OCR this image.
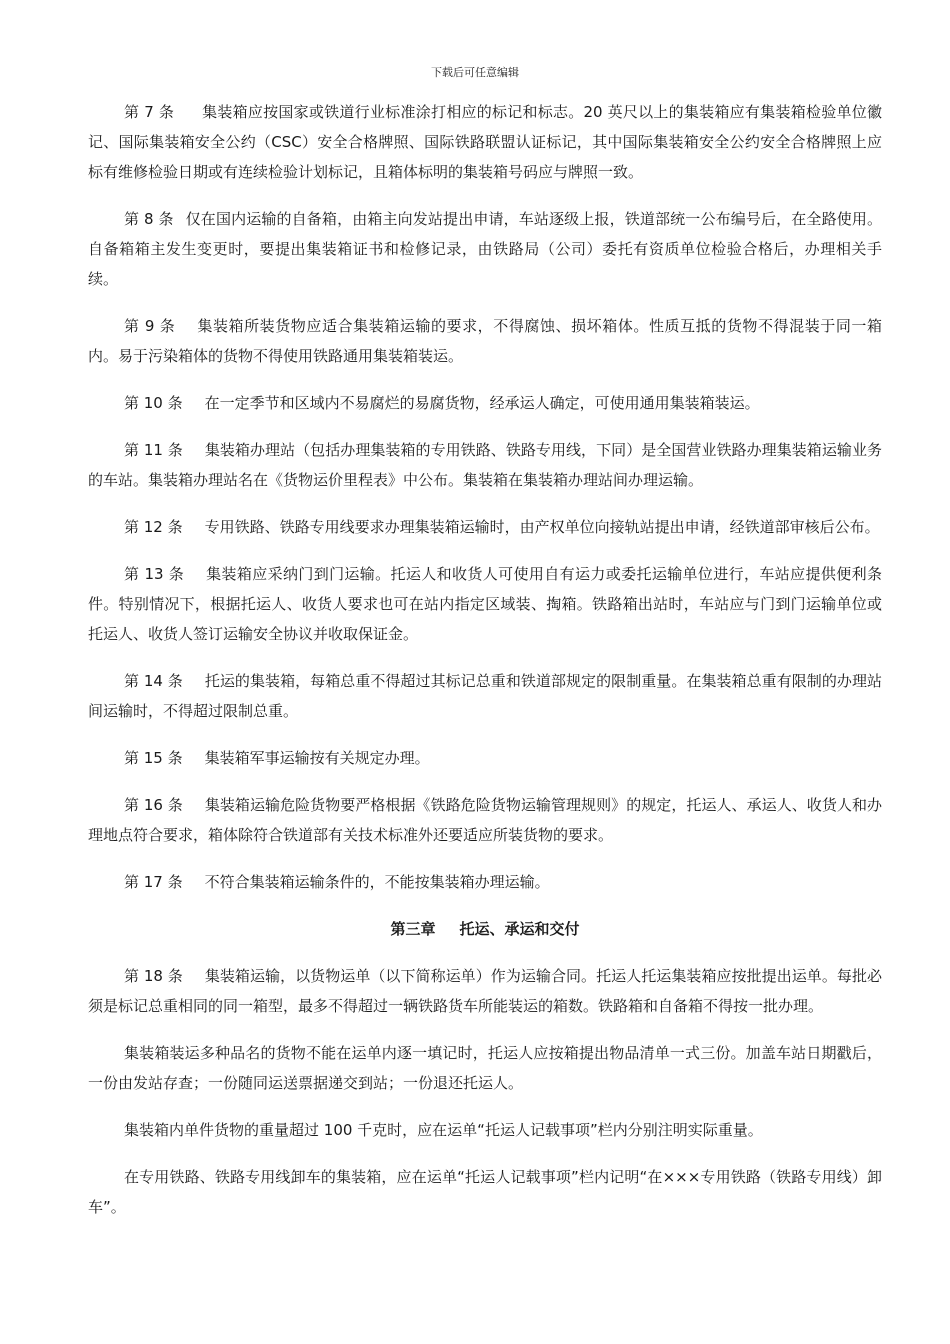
下载后可任意编辑

第 7 条 集装箱应按国家或铁道行业标准涂打相应的标记和标志。20 英尺以上的集装箱应有集装箱检验单位徽记、国际集装箱安全公约（CSC）安全合格牌照、国际铁路联盟认证标记，其中国际集装箱安全公约安全合格牌照上应标有维修检验日期或有连续检验计划标记，且箱体标明的集装箱号码应与牌照一致。

第 8 条 仅在国内运输的自备箱，由箱主向发站提出申请，车站逐级上报，铁道部统一公布编号后，在全路使用。自备箱箱主发生变更时，要提出集装箱证书和检修记录，由铁路局（公司）委托有资质单位检验合格后，办理相关手续。

第 9 条 集装箱所装货物应适合集装箱运输的要求，不得腐蚀、损坏箱体。性质互抵的货物不得混装于同一箱内。易于污染箱体的货物不得使用铁路通用集装箱装运。

第 10 条 在一定季节和区域内不易腐烂的易腐货物，经承运人确定，可使用通用集装箱装运。

第 11 条 集装箱办理站（包括办理集装箱的专用铁路、铁路专用线，下同）是全国营业铁路办理集装箱运输业务的车站。集装箱办理站名在《货物运价里程表》中公布。集装箱在集装箱办理站间办理运输。

第 12 条 专用铁路、铁路专用线要求办理集装箱运输时，由产权单位向接轨站提出申请，经铁道部审核后公布。

第 13 条 集装箱应采纳门到门运输。托运人和收货人可使用自有运力或委托运输单位进行，车站应提供便利条件。特别情况下，根据托运人、收货人要求也可在站内指定区域装、掏箱。铁路箱出站时，车站应与门到门运输单位或托运人、收货人签订运输安全协议并收取保证金。

第 14 条 托运的集装箱，每箱总重不得超过其标记总重和铁道部规定的限制重量。在集装箱总重有限制的办理站间运输时，不得超过限制总重。

第 15 条 集装箱军事运输按有关规定办理。

第 16 条 集装箱运输危险货物要严格根据《铁路危险货物运输管理规则》的规定，托运人、承运人、收货人和办理地点符合要求，箱体除符合铁道部有关技术标准外还要适应所装货物的要求。

第 17 条 不符合集装箱运输条件的，不能按集装箱办理运输。

第三章 托运、承运和交付

第 18 条 集装箱运输，以货物运单（以下简称运单）作为运输合同。托运人托运集装箱应按批提出运单。每批必须是标记总重相同的同一箱型，最多不得超过一辆铁路货车所能装运的箱数。铁路箱和自备箱不得按一批办理。

集装箱装运多种品名的货物不能在运单内逐一填记时，托运人应按箱提出物品清单一式三份。加盖车站日期戳后，一份由发站存查；一份随同运送票据递交到站；一份退还托运人。

集装箱内单件货物的重量超过 100 千克时，应在运单“托运人记载事项”栏内分别注明实际重量。

在专用铁路、铁路专用线卸车的集装箱，应在运单“托运人记载事项”栏内记明“在×××专用铁路（铁路专用线）卸车”。
